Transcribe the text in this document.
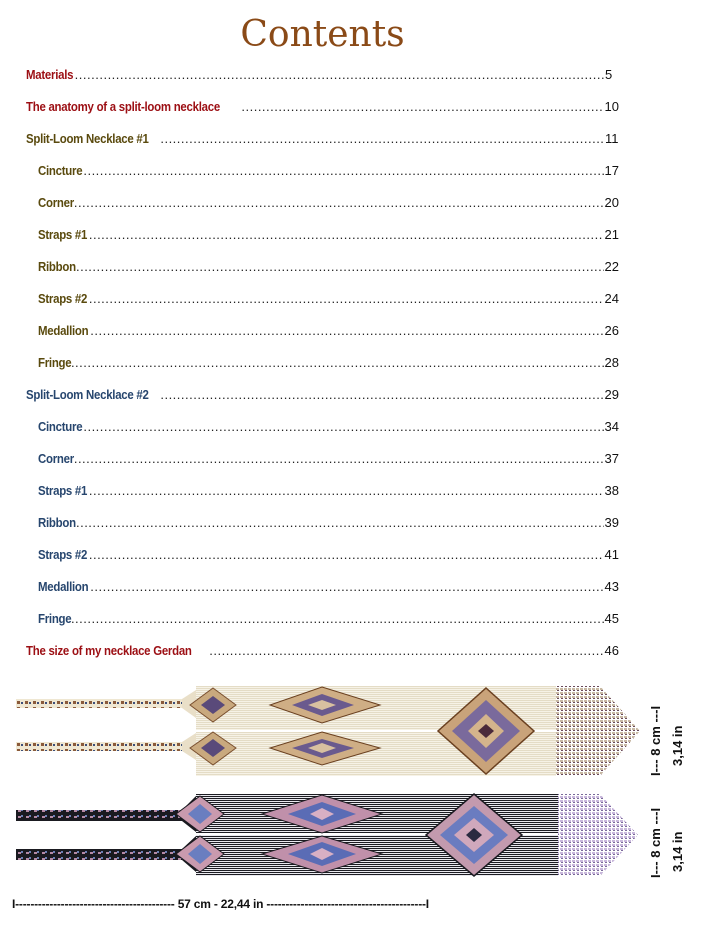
Contents
Materials .....	5
The anatomy of a split-loom necklace .....	10
Split-Loom Necklace #1 .....	11
Cincture .....	17
Corner .....	20
Straps #1 .....	21
Ribbon .....	22
Straps #2 .....	24
Medallion .....	26
Fringe .....	28
Split-Loom Necklace #2 .....	29
Cincture .....	34
Corner .....	37
Straps #1 .....	38
Ribbon .....	39
Straps #2 .....	41
Medallion .....	43
Fringe .....	45
The size of my necklace Gerdan .....	46
I--- 8 cm ---I 3,14 in
I--- 8 cm ---I 3,14 in
I------------------------------------------ 57 cm - 22,44 in ------------------------------------------I
